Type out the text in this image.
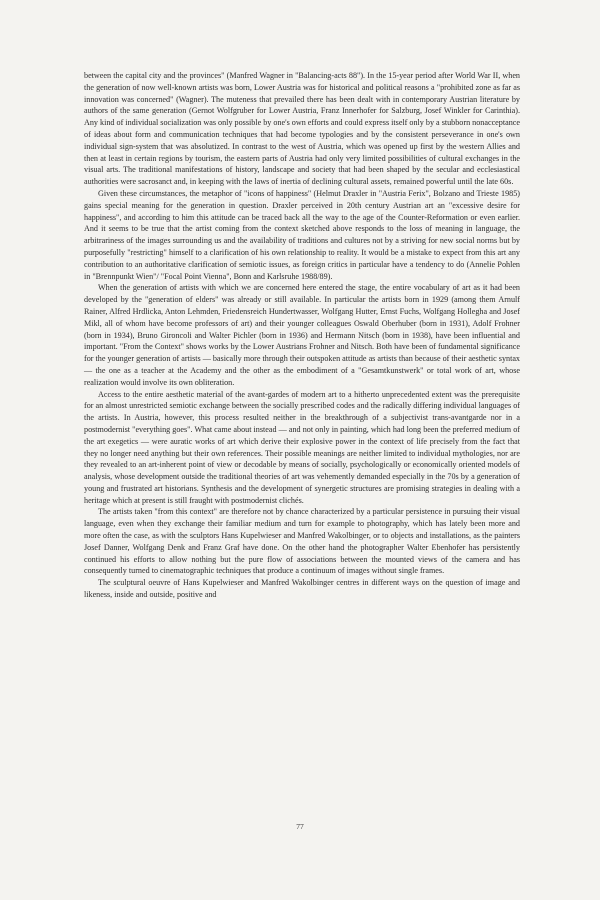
between the capital city and the provinces" (Manfred Wagner in "Balancing-acts 88"). In the 15-year period after World War II, when the generation of now well-known artists was born, Lower Austria was for historical and political reasons a "prohibited zone as far as innovation was concerned" (Wagner). The muteness that prevailed there has been dealt with in contemporary Austrian literature by authors of the same generation (Gernot Wolfgruber for Lower Austria, Franz Innerhofer for Salzburg, Josef Winkler for Carinthia). Any kind of individual socialization was only possible by one's own efforts and could express itself only by a stubborn nonacceptance of ideas about form and communication techniques that had become typologies and by the consistent perseverance in one's own individual sign-system that was absolutized. In contrast to the west of Austria, which was opened up first by the western Allies and then at least in certain regions by tourism, the eastern parts of Austria had only very limited possibilities of cultural exchanges in the visual arts. The traditional manifestations of history, landscape and society that had been shaped by the secular and ecclesiastical authorities were sacrosanct and, in keeping with the laws of inertia of declining cultural assets, remained powerful until the late 60s.

Given these circumstances, the metaphor of "icons of happiness" (Helmut Draxler in "Austria Ferix", Bolzano and Trieste 1985) gains special meaning for the generation in question. Draxler perceived in 20th century Austrian art an "excessive desire for happiness", and according to him this attitude can be traced back all the way to the age of the Counter-Reformation or even earlier. And it seems to be true that the artist coming from the context sketched above responds to the loss of meaning in language, the arbitrariness of the images surrounding us and the availability of traditions and cultures not by a striving for new social norms but by purposefully "restricting" himself to a clarification of his own relationship to reality. It would be a mistake to expect from this art any contribution to an authoritative clarification of semiotic issues, as foreign critics in particular have a tendency to do (Annelie Pohlen in "Brennpunkt Wien"/ "Focal Point Vienna", Bonn and Karlsruhe 1988/89).

When the generation of artists with which we are concerned here entered the stage, the entire vocabulary of art as it had been developed by the "generation of elders" was already or still available. In particular the artists born in 1929 (among them Arnulf Rainer, Alfred Hrdlicka, Anton Lehmden, Friedensreich Hundertwasser, Wolfgang Hutter, Ernst Fuchs, Wolfgang Hollegha and Josef Mikl, all of whom have become professors of art) and their younger colleagues Oswald Oberhuber (born in 1931), Adolf Frohner (born in 1934), Bruno Gironcoli and Walter Pichler (born in 1936) and Hermann Nitsch (born in 1938), have been influential and important. "From the Context" shows works by the Lower Austrians Frohner and Nitsch. Both have been of fundamental significance for the younger generation of artists — basically more through their outspoken attitude as artists than because of their aesthetic syntax — the one as a teacher at the Academy and the other as the embodiment of a "Gesamtkunstwerk" or total work of art, whose realization would involve its own obliteration.

Access to the entire aesthetic material of the avant-gardes of modern art to a hitherto unprecedented extent was the prerequisite for an almost unrestricted semiotic exchange between the socially prescribed codes and the radically differing individual languages of the artists. In Austria, however, this process resulted neither in the breakthrough of a subjectivist trans-avantgarde nor in a postmodernist "everything goes". What came about instead — and not only in painting, which had long been the preferred medium of the art exegetics — were auratic works of art which derive their explosive power in the context of life precisely from the fact that they no longer need anything but their own references. Their possible meanings are neither limited to individual mythologies, nor are they revealed to an art-inherent point of view or decodable by means of socially, psychologically or economically oriented models of analysis, whose development outside the traditional theories of art was vehemently demanded especially in the 70s by a generation of young and frustrated art historians. Synthesis and the development of synergetic structures are promising strategies in dealing with a heritage which at present is still fraught with postmodernist clichés.

The artists taken "from this context" are therefore not by chance characterized by a particular persistence in pursuing their visual language, even when they exchange their familiar medium and turn for example to photography, which has lately been more and more often the case, as with the sculptors Hans Kupelwieser and Manfred Wakolbinger, or to objects and installations, as the painters Josef Danner, Wolfgang Denk and Franz Graf have done. On the other hand the photographer Walter Ebenhofer has persistently continued his efforts to allow nothing but the pure flow of associations between the mounted views of the camera and has consequently turned to cinematographic techniques that produce a continuum of images without single frames.

The sculptural oeuvre of Hans Kupelwieser and Manfred Wakolbinger centres in different ways on the question of image and likeness, inside and outside, positive and

77
